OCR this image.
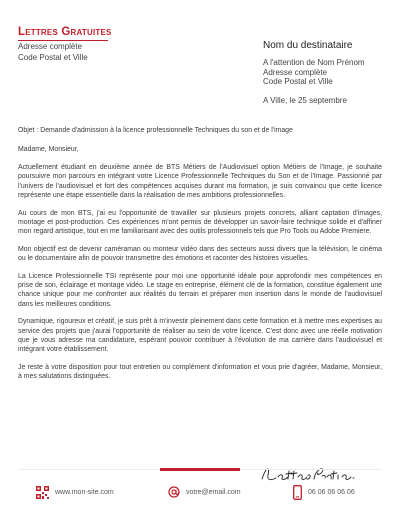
Lettres Gratuites
Adresse complète
Code Postal et Ville
Nom du destinataire
A l'attention de Nom Prénom
Adresse complète
Code Postal et Ville
A Ville, le 25 septembre

Objet : Demande d'admission à la licence professionnelle Techniques du son et de l'image

Madame, Monsieur,

Actuellement étudiant en deuxième année de BTS Métiers de l'Audiovisuel option Métiers de l'Image, je souhaite poursuivre mon parcours en intégrant votre Licence Professionnelle Techniques du Son et de l'Image. Passionné par l'univers de l'audiovisuel et fort des compétences acquises durant ma formation, je suis convaincu que cette licence représente une étape essentielle dans la réalisation de mes ambitions professionnelles.

Au cours de mon BTS, j'ai eu l'opportunité de travailler sur plusieurs projets concrets, alliant captation d'images, montage et post-production. Ces expériences m'ont permis de développer un savoir-faire technique solide et d'affiner mon regard artistique, tout en me familiarisant avec des outils professionnels tels que Pro Tools ou Adobe Premiere.

Mon objectif est de devenir caméraman ou monteur vidéo dans des secteurs aussi divers que la télévision, le cinéma ou le documentaire afin de pouvoir transmettre des émotions et raconter des histoires visuelles.

La Licence Professionnelle TSI représente pour moi une opportunité idéale pour approfondir mes compétences en prise de son, éclairage et montage vidéo. Le stage en entreprise, élément clé de la formation, constitue également une chance unique pour me confronter aux réalités du terrain et préparer mon insertion dans le monde de l'audiovisuel dans les meilleures conditions.

Dynamique, rigoureux et créatif, je suis prêt à m'investir pleinement dans cette formation et à mettre mes expertises au service des projets que j'aurai l'opportunité de réaliser au sein de votre licence. C'est donc avec une réelle motivation que je vous adresse ma candidature, espérant pouvoir contribuer à l'évolution de ma carrière dans l'audiovisuel et intégrant votre établissement.

Je reste à votre disposition pour tout entretien ou complément d'information et vous prie d'agréer, Madame, Monsieur, à mes salutations distinguées.

www.mon-site.com	votre@email.com	06 06 06 06 06
